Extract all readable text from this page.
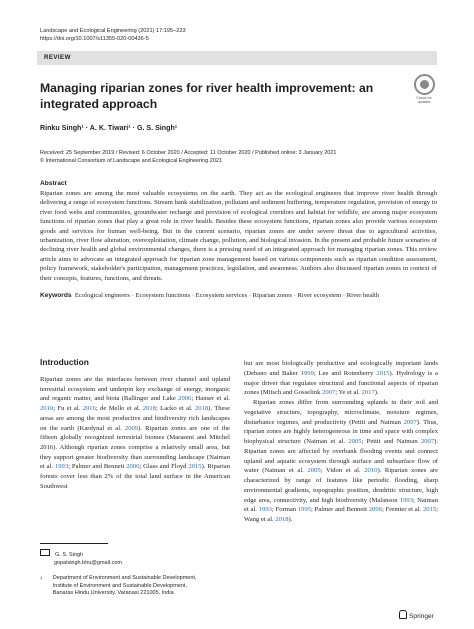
Landscape and Ecological Engineering (2021) 17:195–223
https://doi.org/10.1007/s11355-020-00436-5
REVIEW
Check for
updates
Managing riparian zones for river health improvement: an integrated approach
Rinku Singh¹ · A. K. Tiwari¹ · G. S. Singh¹
Received: 25 September 2019 / Revised: 6 October 2020 / Accepted: 11 October 2020 / Published online: 3 January 2021
© International Consortium of Landscape and Ecological Engineering 2021
Abstract
Riparian zones are among the most valuable ecosystems on the earth. They act as the ecological engineers that improve river health through delivering a range of ecosystem functions. Stream bank stabilization, pollutant and sediment buffering, temperature regulation, provision of energy to river food webs and communities, groundwater recharge and provision of ecological corridors and habitat for wildlife, are among major ecosystem functions of riparian zones that play a great role in river health. Besides these ecosystem functions, riparian zones also provide various ecosystem goods and services for human well-being. But in the current scenario, riparian zones are under severe threat due to agricultural activities, urbanization, river flow alteration, overexploitation, climate change, pollution, and biological invasion. In the present and probable future scenarios of declining river health and global environmental changes, there is a pressing need of an integrated approach for managing riparian zones. This review article aims to advocate an integrated approach for riparian zone management based on various components such as riparian condition assessment, policy framework, stakeholder's participation, management practices, legislation, and awareness. Authors also discussed riparian zones in context of their concepts, features, functions, and threats.
Keywords Ecological engineers · Ecosystem functions · Ecosystem services · Riparian zones · River ecosystem · River health
Introduction
Riparian zones are the interfaces between river channel and upland terrestrial ecosystem and underpin key exchange of energy, inorganic and organic matter, and biota (Ballinger and Lake 2006; Hanser et al. 2010; Fu et al. 2016; de Mello et al. 2018; Lacko et al. 2018). These areas are among the most productive and biodiversity rich landscapes on the earth (Kardynal et al. 2009). Riparian zones are one of the fifteen globally recognized terrestrial biomes (Maraseni and Mitchel 2016). Although riparian zones comprise a relatively small area, but they support greater biodiversity than surrounding landscape (Naiman et al. 1993; Palmer and Bennett 2006; Glass and Floyd 2015). Riparian forests cover less than 2% of the total land surface in the American Southwest

but are most biologically productive and ecologically important lands (Debano and Baker 1999; Lee and Rotenberry 2015). Hydrology is a major driver that regulates structural and functional aspects of riparian zones (Mitsch and Gosselink 2007; Ye et al. 2017).

Riparian zones differ from surrounding uplands in their soil and vegetative structure, topography, microclimate, moisture regimes, disturbance regimes, and productivity (Pettit and Naiman 2007). Thus, riparian zones are highly heterogeneous in time and space with complex biophysical structure (Naiman et al. 2005; Pettit and Naiman 2007). Riparian zones are affected by overbank flooding events and connect upland and aquatic ecosystem through surface and subsurface flow of water (Naiman et al. 2005; Vidon et al. 2010). Riparian zones are characterized by range of features like periodic flooding, sharp environmental gradients, topographic position, dendritic structure, high edge area, connectivity, and high biodiversity (Malanson 1993; Naiman et al. 1993; Forman 1995; Palmer and Bennett 2006; Fremier et al. 2015; Wang et al. 2018).

G. S. Singh
gopalsingh.bhu@gmail.com
$^1$ Department of Environment and Sustainable Development,
Institute of Environment and Sustainable Development,
Banaras Hindu University, Varanasi 221005, India
Springer
